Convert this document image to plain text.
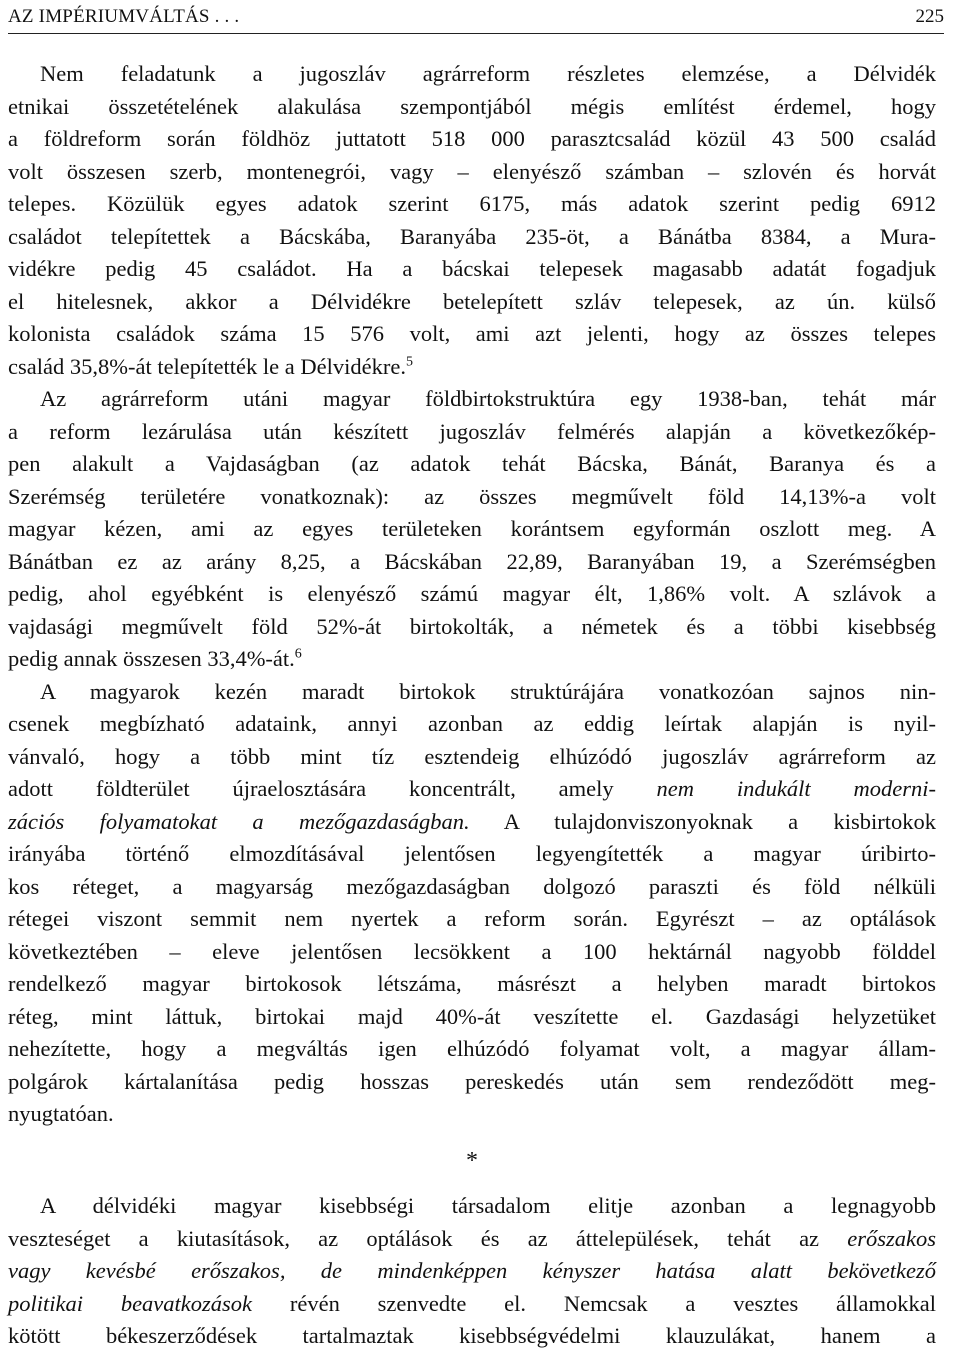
AZ IMPÉRIUMVÁLTÁS . . .	225
Nem feladatunk a jugoszláv agrárreform részletes elemzése, a Délvidék
etnikai összetételének alakulása szempontjából mégis említést érdemel, hogy
a földreform során földhöz juttatott 518 000 parasztcsalád közül 43 500 család
volt összesen szerb, montenegrói, vagy – elenyésző számban – szlovén és horvát
telepes. Közülük egyes adatok szerint 6175, más adatok szerint pedig 6912
családot telepítettek a Bácskába, Baranyába 235-öt, a Bánátba 8384, a Mura-
vidékre pedig 45 családot. Ha a bácskai telepesek magasabb adatát fogadjuk
el hitelesnek, akkor a Délvidékre betelepített szláv telepesek, az ún. külső
kolonista családok száma 15 576 volt, ami azt jelenti, hogy az összes telepes
család 35,8%-át telepítették le a Délvidékre.$^5$
Az agrárreform utáni magyar földbirtokstruktúra egy 1938-ban, tehát már
a reform lezárulása után készített jugoszláv felmérés alapján a következőkép-
pen alakult a Vajdaságban (az adatok tehát Bácska, Bánát, Baranya és a
Szerémség területére vonatkoznak): az összes megművelt föld 14,13%-a volt
magyar kézen, ami az egyes területeken korántsem egyformán oszlott meg. A
Bánátban ez az arány 8,25, a Bácskában 22,89, Baranyában 19, a Szerémségben
pedig, ahol egyébként is elenyésző számú magyar élt, 1,86% volt. A szlávok a
vajdasági megművelt föld 52%-át birtokolták, a németek és a többi kisebbség
pedig annak összesen 33,4%-át.$^6$
A magyarok kezén maradt birtokok struktúrájára vonatkozóan sajnos nin-
csenek megbízható adataink, annyi azonban az eddig leírtak alapján is nyil-
vánvaló, hogy a több mint tíz esztendeig elhúzódó jugoszláv agrárreform az
adott földterület újraelosztására koncentrált, amely nem indukált moderni-
zációs folyamatokat a mezőgazdaságban. A tulajdonviszonyoknak a kisbirtokok
irányába történő elmozdításával jelentősen legyengítették a magyar úribirto-
kos réteget, a magyarság mezőgazdaságban dolgozó paraszti és föld nélküli
rétegei viszont semmit nem nyertek a reform során. Egyrészt – az optálások
következtében – eleve jelentősen lecsökkent a 100 hektárnál nagyobb földdel
rendelkező magyar birtokosok létszáma, másrészt a helyben maradt birtokos
réteg, mint láttuk, birtokai majd 40%-át veszítette el. Gazdasági helyzetüket
nehezítette, hogy a megváltás igen elhúzódó folyamat volt, a magyar állam-
polgárok kártalanítása pedig hosszas pereskedés után sem rendeződött meg-
nyugtatóan.
*
A délvidéki magyar kisebbségi társadalom elitje azonban a legnagyobb
veszteséget a kiutasítások, az optálások és az áttelepülések, tehát az erőszakos
vagy kevésbé erőszakos, de mindenképpen kényszer hatása alatt bekövetkező
politikai beavatkozások révén szenvedte el. Nemcsak a vesztes államokkal
kötött békeszerződések tartalmaztak kisebbségvédelmi klauzulákat, hanem a
